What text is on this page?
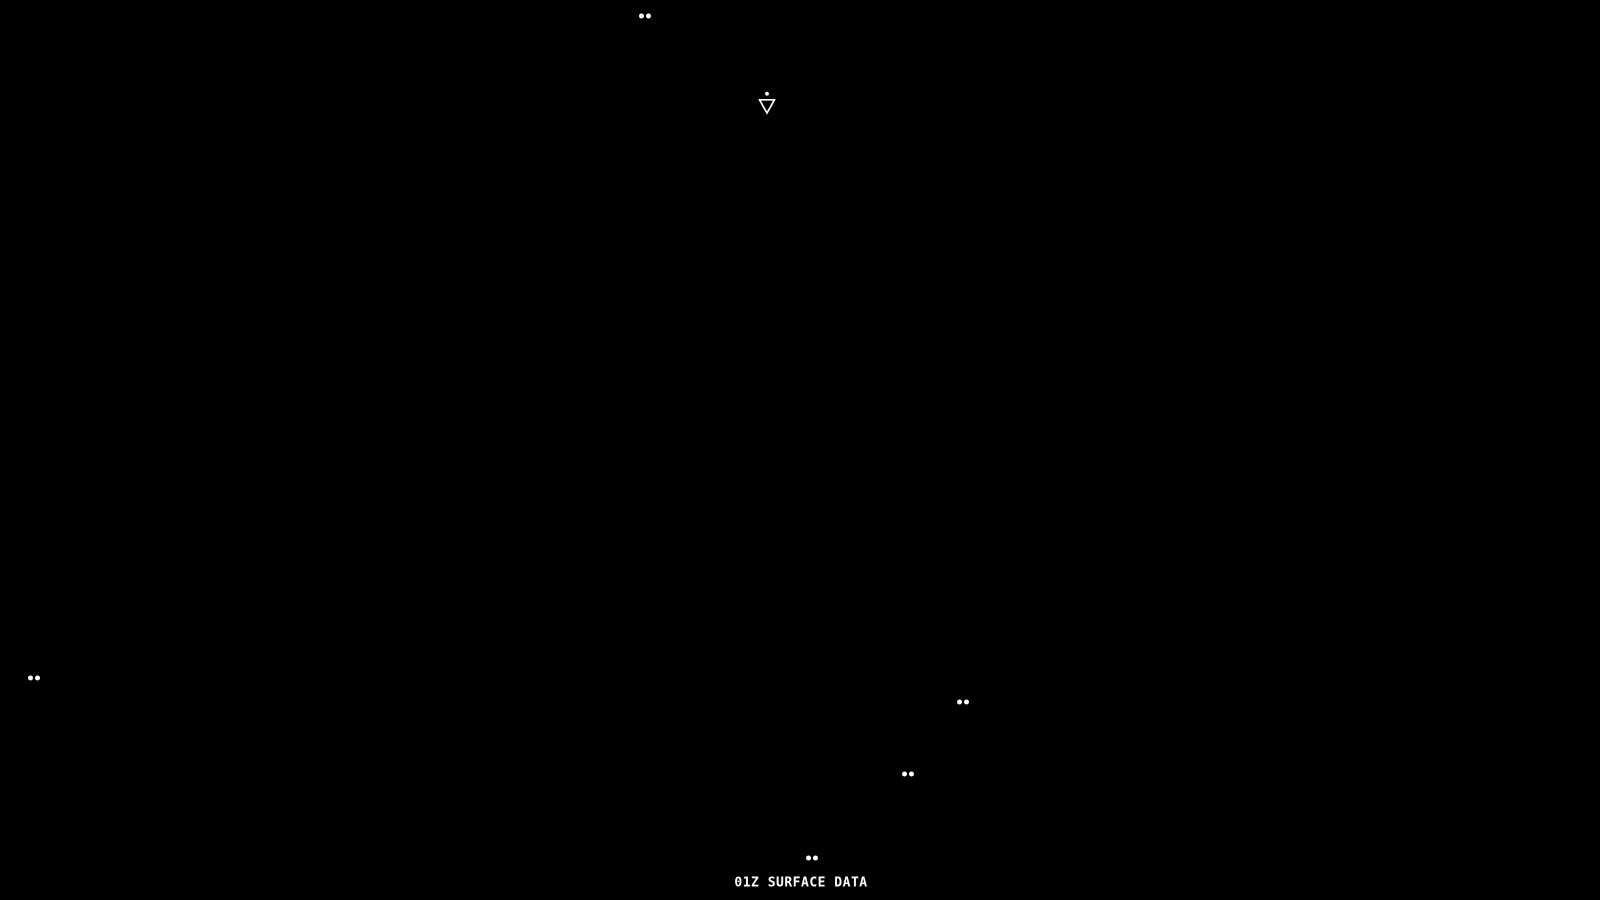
01Z SURFACE DATA
